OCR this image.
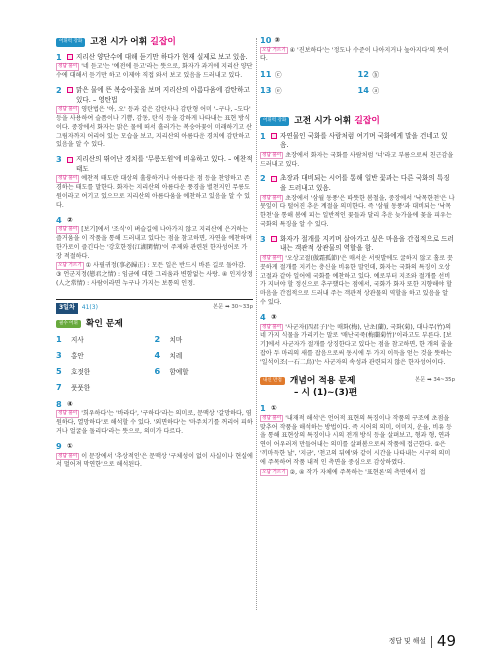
어휘력 강화 고전 시가 어휘 길잡이
1	지리산 양단수에 대해 듣기만 하다가 현재 실제로 보고 있음.
정답 풀이 '네 듣고'는 '예전에 듣고'라는 뜻으로, 화자가 과거에 지리산 양단수에 대해서 듣기만 하고 이제야 직접 와서 보고 있음을 드러내고 있다.
2	맑은 물에 뜬 복숭아꽃을 보며 지리산의 아름다움에 감탄하고 있다. – 영탄법
정답 풀이 영탄법은 '아, 오' 등과 같은 감탄사나 감탄형 어미 '–구나, –도다' 등을 사용하여 슬픔이나 기쁨, 감동, 탄식 등을 강하게 나타내는 표현 방식이다. 중장에서 화자는 맑은 물에 떠서 흘러가는 복숭아꽃이 미래하기고 산 그림자까지 어리어 있는 모습을 보고, 지리산의 아름다운 경치에 감탄하고 있음을 알 수 있다.
3	지리산의 뛰어난 경치를 '무릉도원'에 비유하고 있다. – 예찬적 태도
정답 풀이 예찬적 태도란 대상의 훌륭하거나 아름다운 점 등을 찬양하고 존경하는 태도를 말한다. 화자는 지리산의 아름다운 풍경을 별천지인 무릉도원이라고 여기고 있으므로 지리산의 아름다움을 예찬하고 있음을 알 수 있다.
4 ②
정답 풀이 [보기]에서 '조식'이 벼슬길에 나아가지 않고 지리산에 은거하는 즐거움을 이 작품을 통해 드러내고 있다는 점을 참고하면, 자연을 예찬하며 한가로이 즐긴다는 '강호한정(江湖閑情)'이 주제와 관련된 한자성어로 가장 적절하다.
오답 거르기 ① 사필귀정(事必歸正) : 모든 일은 반드시 바른 길로 돌아감. ③ 언군지정(戀君之情) : 임금에 대한 그리움과 변함없는 사랑. ④ 인지상정(人之常情) : 사람이라면 누구나 가지는 보통의 인정.
3일차	41(3)	본문 ➡ 30~33p
필수 어휘 확인 문제
1	지사	2	치마
3	홍안	4	치레
5	호젓한	6	함예할
7	풋풋한
8 ④
정답 풀이 '희우하다'는 '바라다', '구하다'라는 의미로, 문맥상 '갈망하다, 염원하다, 열망하다'로 해석할 수 있다. '외면하다'는 '마주치기를 꺼리어 피하거나 얼굴을 돌리다'라는 뜻으로, 의미가 다르다.
9 ①
정답 풀이 이 문장에서 '추상적인'은 문맥상 '구체성이 없이 사실이나 현실에서 멀어져 막연한'으로 해석된다.
10 ③
오답 거르기 ④ '진보하다'는 '정도나 수준이 나아지거나 높아지다'의 뜻이다.
11 ⓒ	12 ⓑ
13 ⓔ	14 ⓐ
어휘력 강화 고전 시가 어휘 길잡이
1	자연물인 국화를 사람처럼 여기며 국화에게 말을 건네고 있음.
정답 풀이 초장에서 화자는 국화를 사람처럼 '너'라고 부름으로써 친근감을 드러내고 있다.
2	초장과 대비되는 시어를 통해 일반 꽃과는 다른 국화의 특징을 드러내고 있음.
정답 풀이 초장에서 '삼월 동풍'은 따뜻한 봄철을, 중장에서 '낙목한천'은 나뭇잎이 다 떨어진 추운 계절을 의미한다. 즉 '삼월 동풍'과 대비되는 '낙목한천'을 통해 봄에 피는 일반적인 꽃들과 달리 추운 늦가을에 꽃을 피우는 국화의 특징을 알 수 있다.
3	화자가 절개를 지키며 살아가고 싶은 마음을 간접적으로 드러내는 객관적 상관물의 역할을 함.
정답 풀이 '오상고절(傲霜孤節)'은 매서운 서릿발에도 굴하지 않고 홀로 꼿꼿하게 절개를 지키는 충신을 비유한 말인데, 화자는 국화의 특징이 오상고절과 같아 일어에 국화를 예찬하고 있다. 예로부터 지조와 절개를 선비가 지녀야 할 정신으로 추구했다는 점에서, 국화가 화자 또한 지향해야 할 마음을 간접적으로 드러내 주는 객관적 상관물의 역할을 하고 있음을 알 수 있다.
4 ③
정답 풀이 '사군자(四君子)'는 매화(梅), 난초(蘭), 국화(菊), 대나무(竹)의 네 가지 식물을 가리키는 말로 '매난국죽(梅蘭菊竹)'이라고도 부른다. [보기]에서 사군자가 절개를 상징한다고 있다는 점을 참고하면, 한 개의 줄을 잡아 두 마리의 새를 잡음으로써 동시에 두 가지 이득을 얻는 것을 뜻하는 '일석이조(一石二鳥)'는 사군자의 속성과 관련되지 않은 한자성어이다.
내신 만점 개념어 적용 문제	본문 ➡ 34~35p
– 시 (1)~(3)편
1 ①
정답 풀이 '내재적 해석'은 언어적 표현의 특징이나 작품의 구조에 초점을 맞추어 작품을 해석하는 방법이다. 즉 시어의 의미, 이미지, 운율, 비유 등을 통해 표현상의 특징이나 시의 전개 방식 등을 살펴보고, 형과 형, 연과 연이 어우러져 만들어내는 의미를 살펴봄으로써 작품에 접근한다. ①은 '끼마득한 날', '지금', '천고의 뒤에'와 같이 시간을 나타내는 시구의 의미에 주목하여 작품 내적 인 측면을 중심으로 감상하였다.
오답 거르기 ②, ④ 작가 자체에 주목하는 '표현론'의 측면에서 접
정답 및 해설 49
